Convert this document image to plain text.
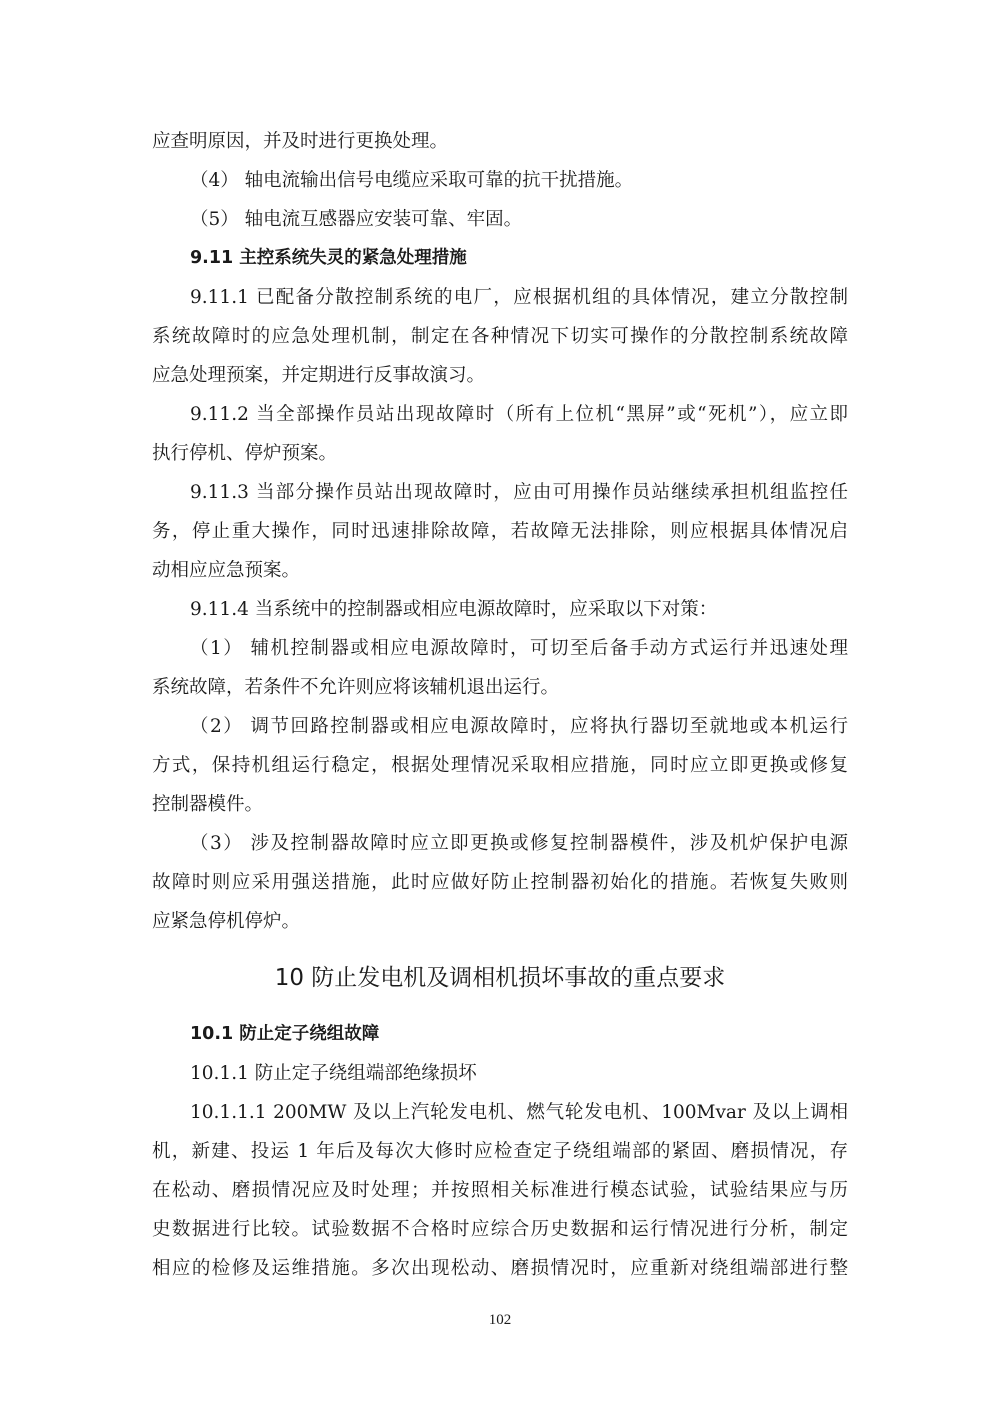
应查明原因，并及时进行更换处理。
（4） 轴电流输出信号电缆应采取可靠的抗干扰措施。
（5） 轴电流互感器应安装可靠、牢固。
9.11 主控系统失灵的紧急处理措施
9.11.1 已配备分散控制系统的电厂，应根据机组的具体情况，建立分散控制
系统故障时的应急处理机制，制定在各种情况下切实可操作的分散控制系统故障
应急处理预案，并定期进行反事故演习。
9.11.2 当全部操作员站出现故障时（所有上位机“黑屏”或“死机”），应立即
执行停机、停炉预案。
9.11.3 当部分操作员站出现故障时，应由可用操作员站继续承担机组监控任
务，停止重大操作，同时迅速排除故障，若故障无法排除，则应根据具体情况启
动相应应急预案。
9.11.4 当系统中的控制器或相应电源故障时，应采取以下对策：
（1） 辅机控制器或相应电源故障时，可切至后备手动方式运行并迅速处理
系统故障，若条件不允许则应将该辅机退出运行。
（2） 调节回路控制器或相应电源故障时，应将执行器切至就地或本机运行
方式，保持机组运行稳定，根据处理情况采取相应措施，同时应立即更换或修复
控制器模件。
（3） 涉及控制器故障时应立即更换或修复控制器模件，涉及机炉保护电源
故障时则应采用强送措施，此时应做好防止控制器初始化的措施。若恢复失败则
应紧急停机停炉。
10 防止发电机及调相机损坏事故的重点要求
10.1 防止定子绕组故障
10.1.1 防止定子绕组端部绝缘损坏
10.1.1.1 200MW 及以上汽轮发电机、燃气轮发电机、100Mvar 及以上调相
机，新建、投运 1 年后及每次大修时应检查定子绕组端部的紧固、磨损情况，存
在松动、磨损情况应及时处理；并按照相关标准进行模态试验，试验结果应与历
史数据进行比较。试验数据不合格时应综合历史数据和运行情况进行分析，制定
相应的检修及运维措施。多次出现松动、磨损情况时，应重新对绕组端部进行整
102
